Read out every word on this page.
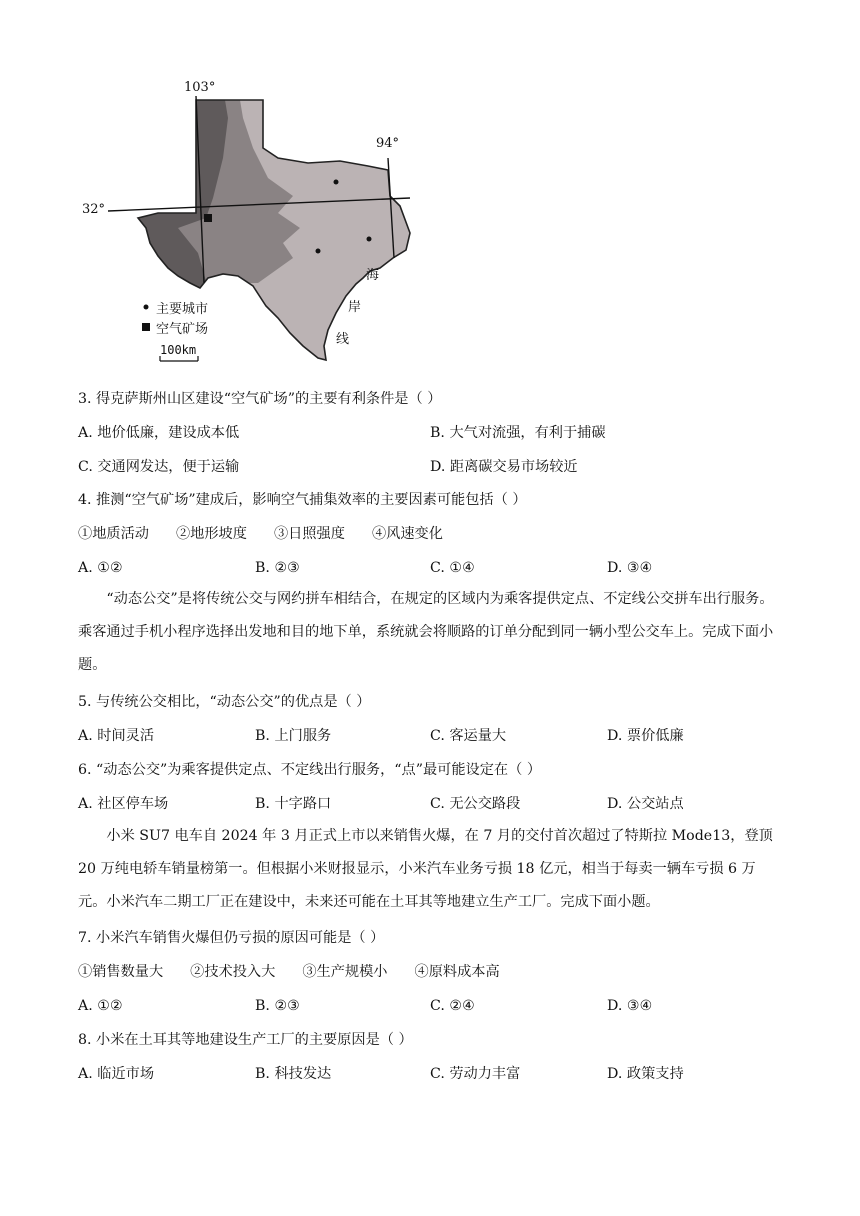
103°
94°
32°
海
岸
线
主要城市
空气矿场
100km
3. 得克萨斯州山区建设“空气矿场”的主要有利条件是（ ）
A. 地价低廉，建设成本低	B. 大气对流强，有利于捕碳
C. 交通网发达，便于运输	D. 距离碳交易市场较近
4. 推测“空气矿场”建成后，影响空气捕集效率的主要因素可能包括（ ）
①地质活动      ②地形坡度      ③日照强度      ④风速变化
A. ①②	B. ②③	C. ①④	D. ③④
“动态公交”是将传统公交与网约拼车相结合，在规定的区域内为乘客提供定点、不定线公交拼车出行服务。乘客通过手机小程序选择出发地和目的地下单，系统就会将顺路的订单分配到同一辆小型公交车上。完成下面小题。
5. 与传统公交相比，“动态公交”的优点是（ ）
A. 时间灵活	B. 上门服务	C. 客运量大	D. 票价低廉
6. “动态公交”为乘客提供定点、不定线出行服务，“点”最可能设定在（ ）
A. 社区停车场	B. 十字路口	C. 无公交路段	D. 公交站点
小米 SU7 电车自 2024 年 3 月正式上市以来销售火爆，在 7 月的交付首次超过了特斯拉 Mode13，登顶 20 万纯电轿车销量榜第一。但根据小米财报显示，小米汽车业务亏损 18 亿元，相当于每卖一辆车亏损 6 万元。小米汽车二期工厂正在建设中，未来还可能在土耳其等地建立生产工厂。完成下面小题。
7. 小米汽车销售火爆但仍亏损的原因可能是（ ）
①销售数量大      ②技术投入大      ③生产规模小      ④原料成本高
A. ①②	B. ②③	C. ②④	D. ③④
8. 小米在土耳其等地建设生产工厂的主要原因是（ ）
A. 临近市场	B. 科技发达	C. 劳动力丰富	D. 政策支持
